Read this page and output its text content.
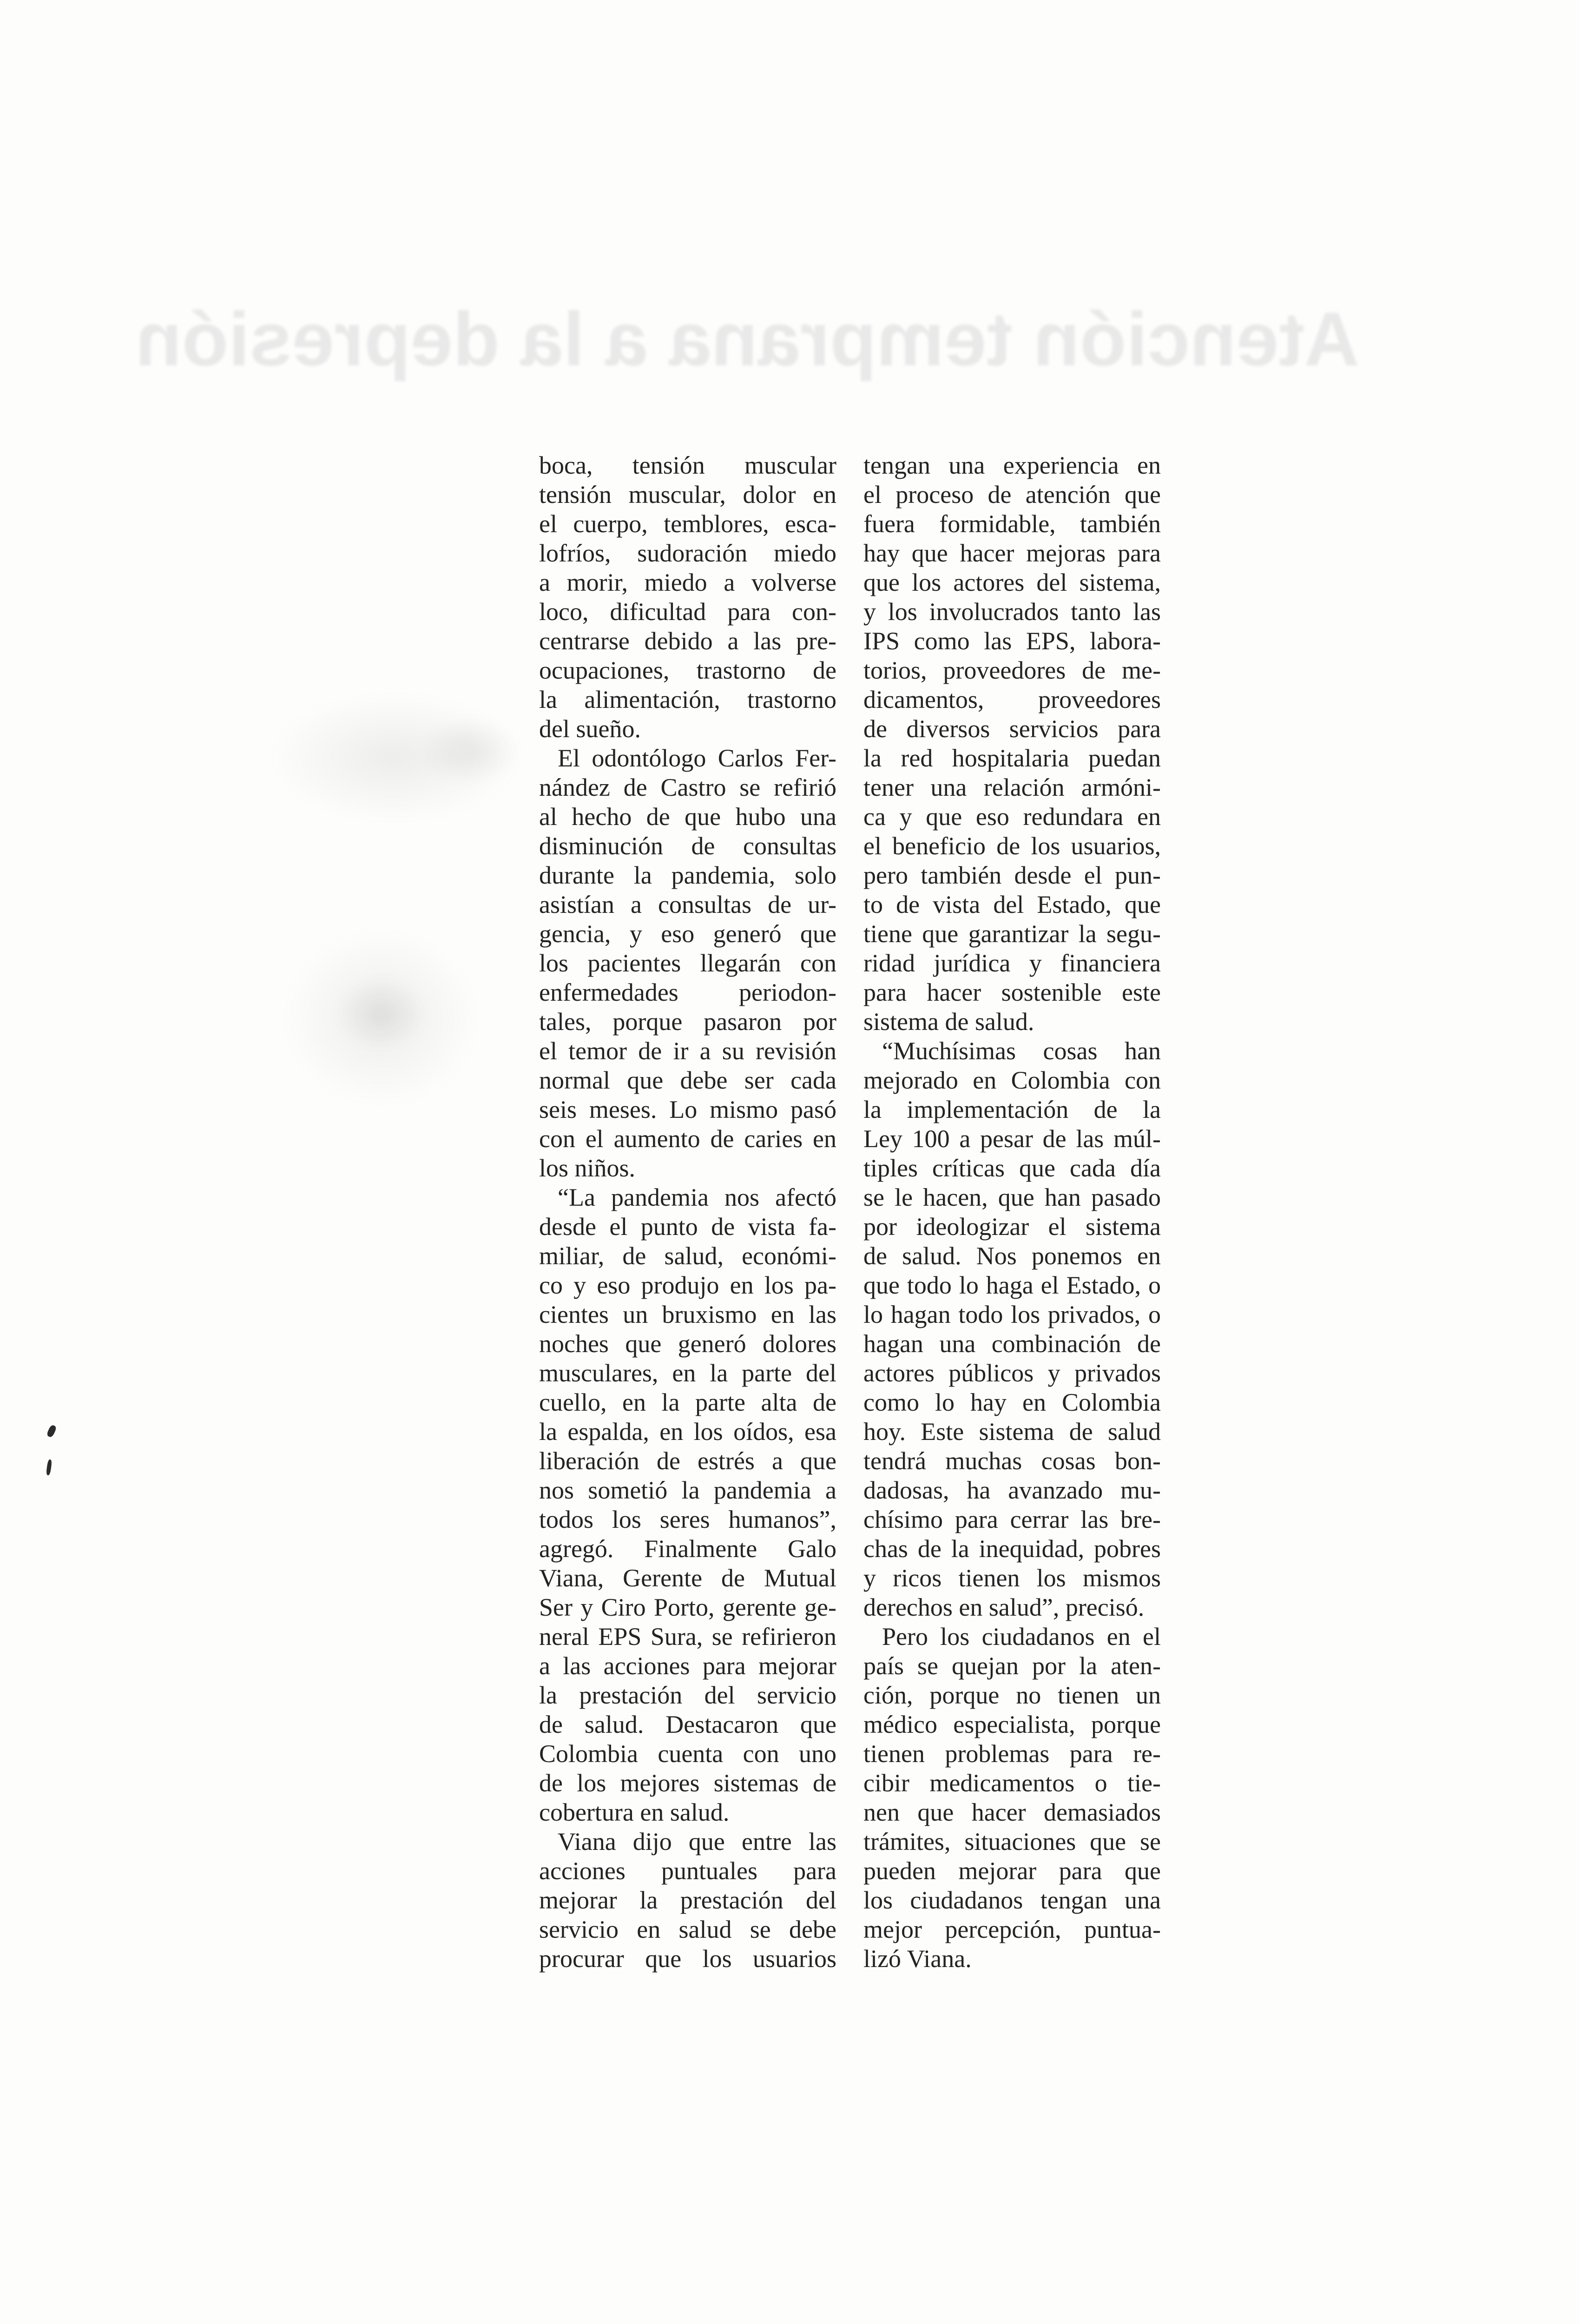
Atención temprana a la depresión
boca, tensión muscular
tensión muscular, dolor en
el cuerpo, temblores, esca-
lofríos, sudoración miedo
a morir, miedo a volverse
loco, dificultad para con-
centrarse debido a las pre-
ocupaciones, trastorno de
la alimentación, trastorno
del sueño.
El odontólogo Carlos Fer-
nández de Castro se refirió
al hecho de que hubo una
disminución de consultas
durante la pandemia, solo
asistían a consultas de ur-
gencia, y eso generó que
los pacientes llegarán con
enfermedades periodon-
tales, porque pasaron por
el temor de ir a su revisión
normal que debe ser cada
seis meses. Lo mismo pasó
con el aumento de caries en
los niños.
“La pandemia nos afectó
desde el punto de vista fa-
miliar, de salud, económi-
co y eso produjo en los pa-
cientes un bruxismo en las
noches que generó dolores
musculares, en la parte del
cuello, en la parte alta de
la espalda, en los oídos, esa
liberación de estrés a que
nos sometió la pandemia a
todos los seres humanos”,
agregó. Finalmente Galo
Viana, Gerente de Mutual
Ser y Ciro Porto, gerente ge-
neral EPS Sura, se refirieron
a las acciones para mejorar
la prestación del servicio
de salud. Destacaron que
Colombia cuenta con uno
de los mejores sistemas de
cobertura en salud.
Viana dijo que entre las
acciones puntuales para
mejorar la prestación del
servicio en salud se debe
procurar que los usuarios
tengan una experiencia en
el proceso de atención que
fuera formidable, también
hay que hacer mejoras para
que los actores del sistema,
y los involucrados tanto las
IPS como las EPS, labora-
torios, proveedores de me-
dicamentos, proveedores
de diversos servicios para
la red hospitalaria puedan
tener una relación armóni-
ca y que eso redundara en
el beneficio de los usuarios,
pero también desde el pun-
to de vista del Estado, que
tiene que garantizar la segu-
ridad jurídica y financiera
para hacer sostenible este
sistema de salud.
“Muchísimas cosas han
mejorado en Colombia con
la implementación de la
Ley 100 a pesar de las múl-
tiples críticas que cada día
se le hacen, que han pasado
por ideologizar el sistema
de salud. Nos ponemos en
que todo lo haga el Estado, o
lo hagan todo los privados, o
hagan una combinación de
actores públicos y privados
como lo hay en Colombia
hoy. Este sistema de salud
tendrá muchas cosas bon-
dadosas, ha avanzado mu-
chísimo para cerrar las bre-
chas de la inequidad, pobres
y ricos tienen los mismos
derechos en salud”, precisó.
Pero los ciudadanos en el
país se quejan por la aten-
ción, porque no tienen un
médico especialista, porque
tienen problemas para re-
cibir medicamentos o tie-
nen que hacer demasiados
trámites, situaciones que se
pueden mejorar para que
los ciudadanos tengan una
mejor percepción, puntua-
lizó Viana.
